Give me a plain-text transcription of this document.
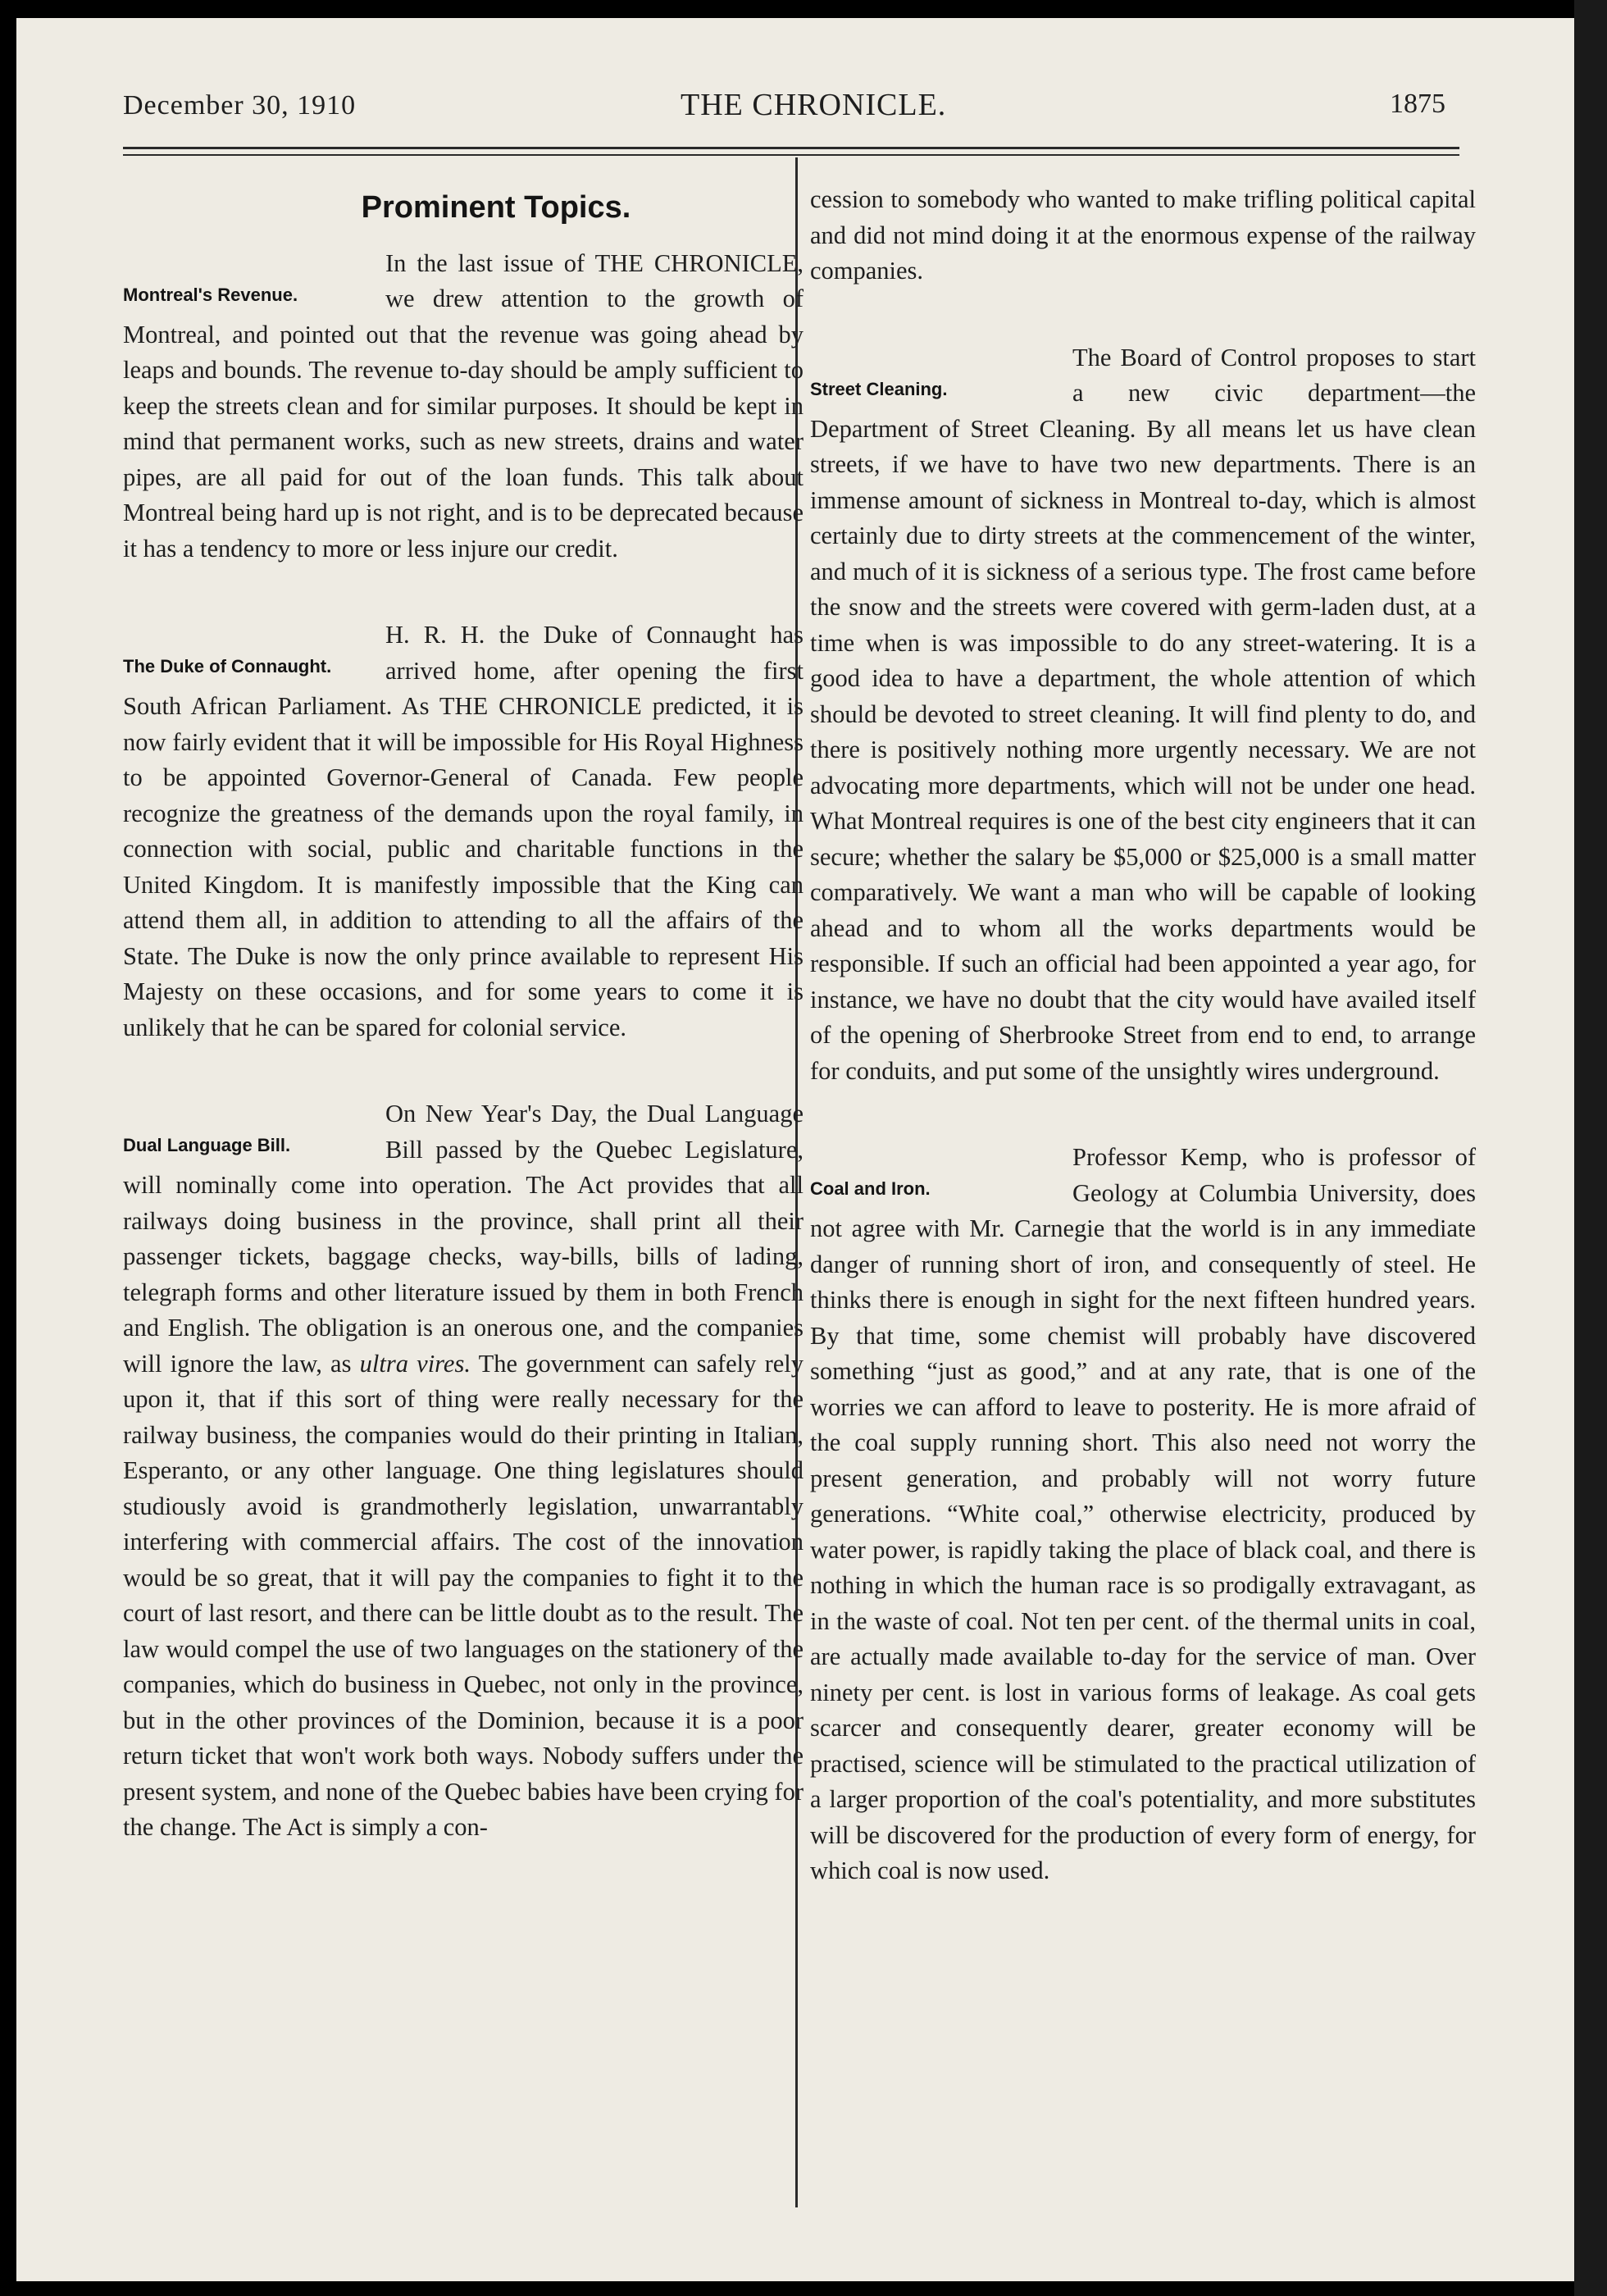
December 30, 1910	THE CHRONICLE.	1875
Prominent Topics.
Montreal's Revenue.

In the last issue of THE CHRONICLE, we drew attention to the growth of Montreal, and pointed out that the revenue was going ahead by leaps and bounds. The revenue to-day should be amply sufficient to keep the streets clean and for similar purposes. It should be kept in mind that permanent works, such as new streets, drains and water pipes, are all paid for out of the loan funds. This talk about Montreal being hard up is not right, and is to be deprecated because it has a tendency to more or less injure our credit.

The Duke of Connaught.

H. R. H. the Duke of Connaught has arrived home, after opening the first South African Parliament. As THE CHRONICLE predicted, it is now fairly evident that it will be impossible for His Royal Highness to be appointed Governor-General of Canada. Few people recognize the greatness of the demands upon the royal family, in connection with social, public and charitable functions in the United Kingdom. It is manifestly impossible that the King can attend them all, in addition to attending to all the affairs of the State. The Duke is now the only prince available to represent His Majesty on these occasions, and for some years to come it is unlikely that he can be spared for colonial service.

Dual Language Bill.

On New Year's Day, the Dual Language Bill passed by the Quebec Legislature, will nominally come into operation. The Act provides that all railways doing business in the province, shall print all their passenger tickets, baggage checks, way-bills, bills of lading, telegraph forms and other literature issued by them in both French and English. The obligation is an onerous one, and the companies will ignore the law, as ultra vires. The government can safely rely upon it, that if this sort of thing were really necessary for the railway business, the companies would do their printing in Italian, Esperanto, or any other language. One thing legislatures should studiously avoid is grandmotherly legislation, unwarrantably interfering with commercial affairs. The cost of the innovation would be so great, that it will pay the companies to fight it to the court of last resort, and there can be little doubt as to the result. The law would compel the use of two languages on the stationery of the companies, which do business in Quebec, not only in the province, but in the other provinces of the Dominion, because it is a poor return ticket that won't work both ways. Nobody suffers under the present system, and none of the Quebec babies have been crying for the change. The Act is simply a con-

cession to somebody who wanted to make trifling political capital and did not mind doing it at the enormous expense of the railway companies.

Street Cleaning.

The Board of Control proposes to start a new civic department—the Department of Street Cleaning. By all means let us have clean streets, if we have to have two new departments. There is an immense amount of sickness in Montreal to-day, which is almost certainly due to dirty streets at the commencement of the winter, and much of it is sickness of a serious type. The frost came before the snow and the streets were covered with germ-laden dust, at a time when is was impossible to do any street-watering. It is a good idea to have a department, the whole attention of which should be devoted to street cleaning. It will find plenty to do, and there is positively nothing more urgently necessary. We are not advocating more departments, which will not be under one head. What Montreal requires is one of the best city engineers that it can secure; whether the salary be $5,000 or $25,000 is a small matter comparatively. We want a man who will be capable of looking ahead and to whom all the works departments would be responsible. If such an official had been appointed a year ago, for instance, we have no doubt that the city would have availed itself of the opening of Sherbrooke Street from end to end, to arrange for conduits, and put some of the unsightly wires underground.

Coal and Iron.

Professor Kemp, who is professor of Geology at Columbia University, does not agree with Mr. Carnegie that the world is in any immediate danger of running short of iron, and consequently of steel. He thinks there is enough in sight for the next fifteen hundred years. By that time, some chemist will probably have discovered something “just as good,” and at any rate, that is one of the worries we can afford to leave to posterity. He is more afraid of the coal supply running short. This also need not worry the present generation, and probably will not worry future generations. “White coal,” otherwise electricity, produced by water power, is rapidly taking the place of black coal, and there is nothing in which the human race is so prodigally extravagant, as in the waste of coal. Not ten per cent. of the thermal units in coal, are actually made available to-day for the service of man. Over ninety per cent. is lost in various forms of leakage. As coal gets scarcer and consequently dearer, greater economy will be practised, science will be stimulated to the practical utilization of a larger proportion of the coal's potentiality, and more substitutes will be discovered for the production of every form of energy, for which coal is now used.
